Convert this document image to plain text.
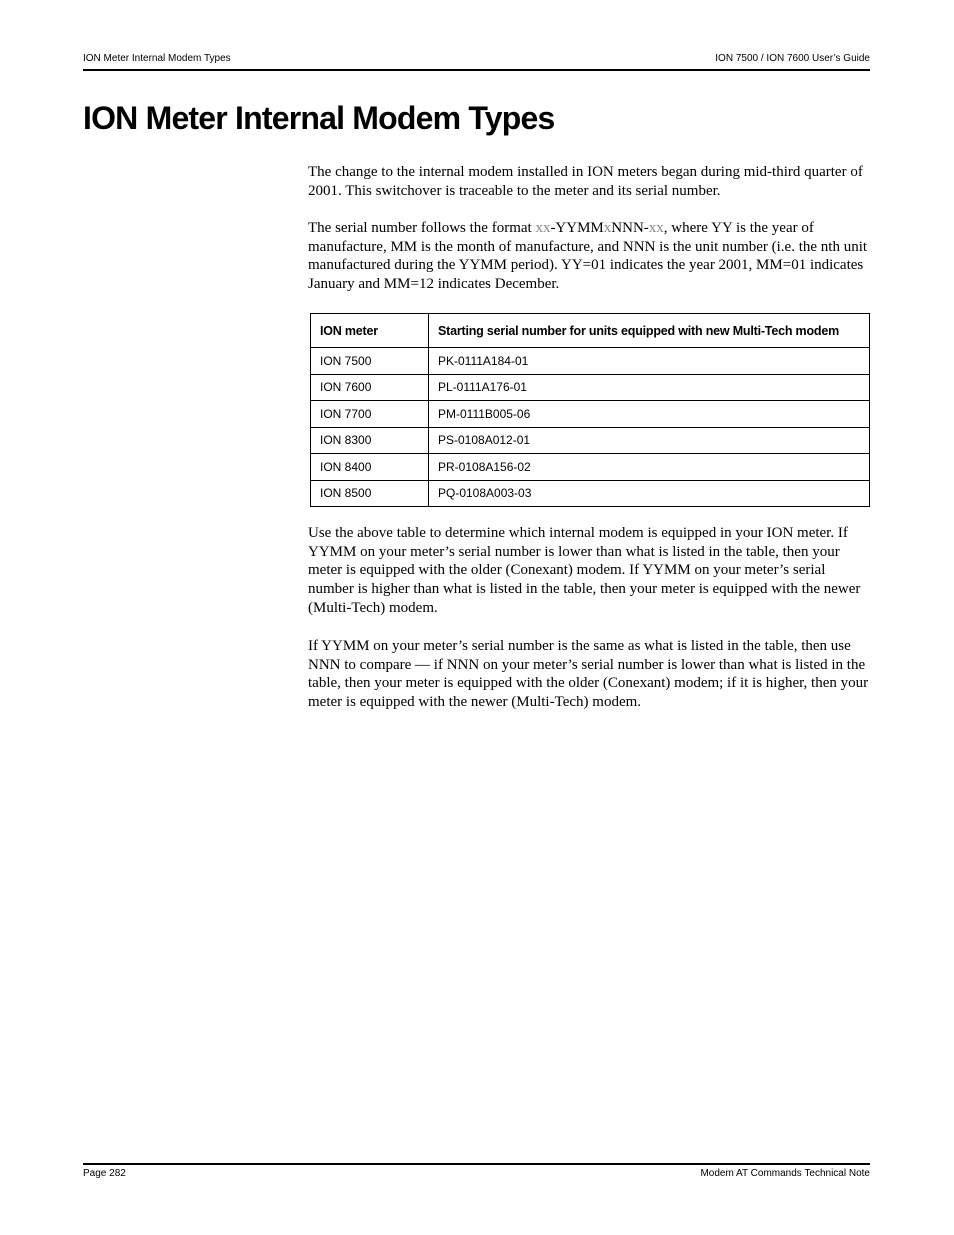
ION Meter Internal Modem Types	ION 7500 / ION 7600 User’s Guide
ION Meter Internal Modem Types

The change to the internal modem installed in ION meters began during mid-third quarter of 2001. This switchover is traceable to the meter and its serial number.

The serial number follows the format xx-YYMMxNNN-xx, where YY is the year of manufacture, MM is the month of manufacture, and NNN is the unit number (i.e. the nth unit manufactured during the YYMM period). YY=01 indicates the year 2001, MM=01 indicates January and MM=12 indicates December.

ION meter	Starting serial number for units equipped with new Multi-Tech modem
ION 7500	PK-0111A184-01
ION 7600	PL-0111A176-01
ION 7700	PM-0111B005-06
ION 8300	PS-0108A012-01
ION 8400	PR-0108A156-02
ION 8500	PQ-0108A003-03

Use the above table to determine which internal modem is equipped in your ION meter. If YYMM on your meter’s serial number is lower than what is listed in the table, then your meter is equipped with the older (Conexant) modem. If YYMM on your meter’s serial number is higher than what is listed in the table, then your meter is equipped with the newer (Multi-Tech) modem.

If YYMM on your meter’s serial number is the same as what is listed in the table, then use NNN to compare — if NNN on your meter’s serial number is lower than what is listed in the table, then your meter is equipped with the older (Conexant) modem; if it is higher, then your meter is equipped with the newer (Multi-Tech) modem.

Page 282	Modem AT Commands Technical Note
